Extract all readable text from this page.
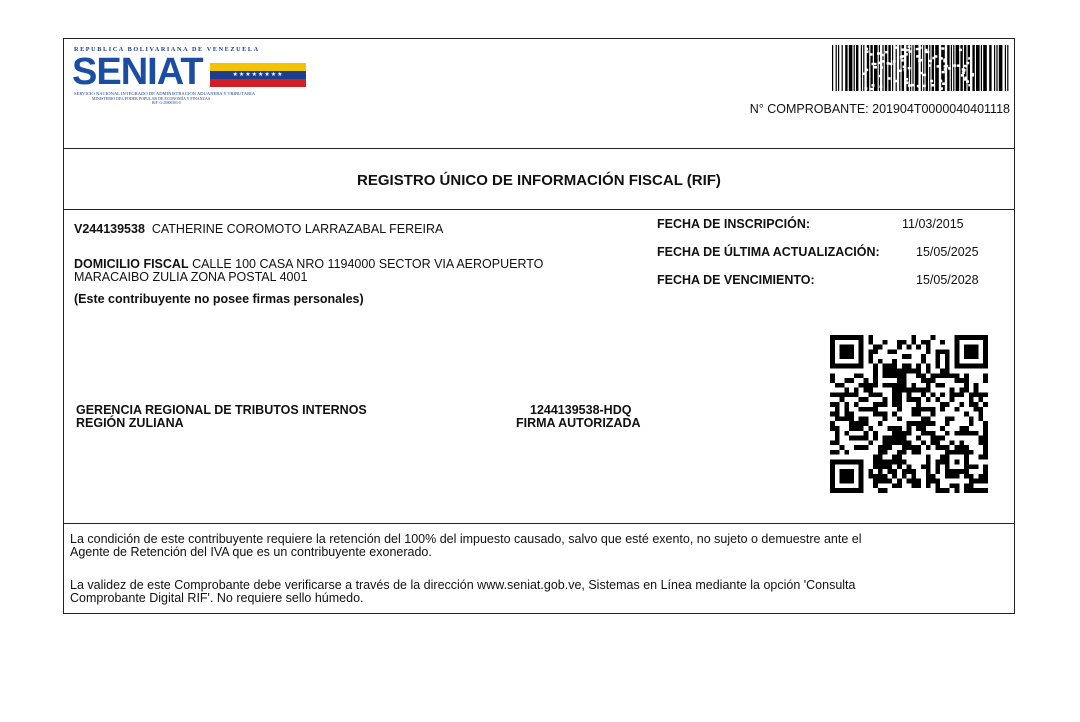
REPUBLICA BOLIVARIANA DE VENEZUELA
SENIAT	★★★★★★★★
SERVICIO NACIONAL INTEGRADO DE ADMINISTRACION ADUANERA Y TRIBUTARIA
MINISTERIO DEL PODER POPULAR DE ECONOMÍA Y FINANZAS
RIF: G-20000303-0	N° COMPROBANTE: 201904T0000040401118
REGISTRO ÚNICO DE INFORMACIÓN FISCAL (RIF)
V244139538 CATHERINE COROMOTO LARRAZABAL FEREIRA
DOMICILIO FISCAL CALLE 100 CASA NRO 1194000 SECTOR VIA AEROPUERTO
MARACAIBO ZULIA ZONA POSTAL 4001
(Este contribuyente no posee firmas personales)
FECHA DE INSCRIPCIÓN:	11/03/2015
FECHA DE ÚLTIMA ACTUALIZACIÓN:	15/05/2025
FECHA DE VENCIMIENTO:	15/05/2028
GERENCIA REGIONAL DE TRIBUTOS INTERNOS
REGIÓN ZULIANA
1244139538-HDQ
FIRMA AUTORIZADA
La condición de este contribuyente requiere la retención del 100% del impuesto causado, salvo que esté exento, no sujeto o demuestre ante el
Agente de Retención del IVA que es un contribuyente exonerado.
La validez de este Comprobante debe verificarse a través de la dirección www.seniat.gob.ve, Sistemas en Línea mediante la opción 'Consulta
Comprobante Digital RIF'. No requiere sello húmedo.
